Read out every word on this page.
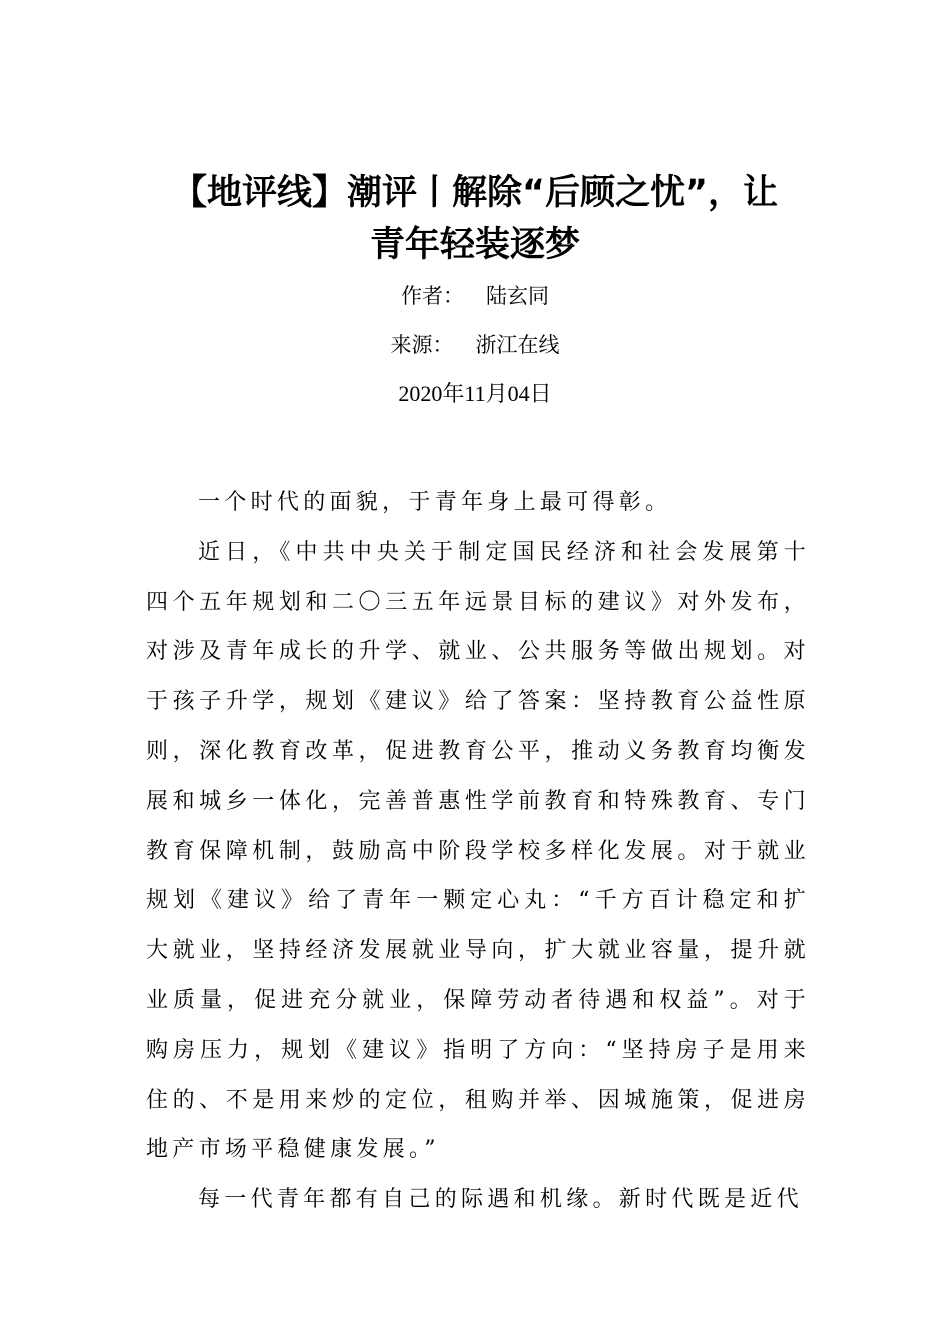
【地评线】潮评丨解除“后顾之忧”，让
青年轻装逐梦
作者： 陆玄同
来源： 浙江在线
2020年11月04日

一个时代的面貌，于青年身上最可得彰。

近日，《中共中央关于制定国民经济和社会发展第十四个五年规划和二〇三五年远景目标的建议》对外发布，对涉及青年成长的升学、就业、公共服务等做出规划。对于孩子升学，规划《建议》给了答案：坚持教育公益性原则，深化教育改革，促进教育公平，推动义务教育均衡发展和城乡一体化，完善普惠性学前教育和特殊教育、专门教育保障机制，鼓励高中阶段学校多样化发展。对于就业规划《建议》给了青年一颗定心丸：“千方百计稳定和扩大就业，坚持经济发展就业导向，扩大就业容量，提升就业质量，促进充分就业，保障劳动者待遇和权益”。对于购房压力，规划《建议》指明了方向：“坚持房子是用来住的、不是用来炒的定位，租购并举、因城施策，促进房地产市场平稳健康发展。”

每一代青年都有自己的际遇和机缘。新时代既是近代
